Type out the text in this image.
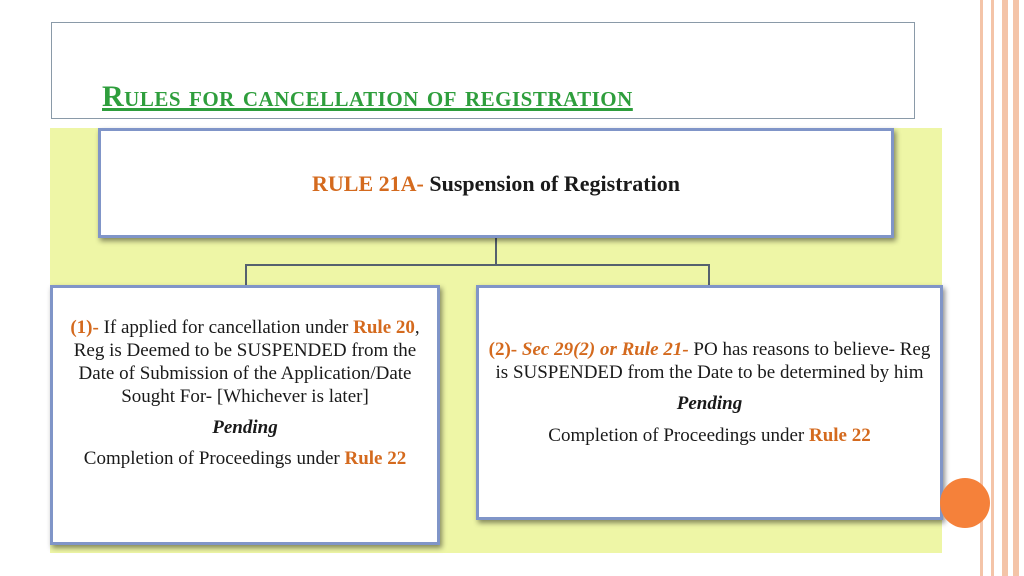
Rules for cancellation of registration
RULE 21A- Suspension of Registration

(1)- If applied for cancellation under Rule 20, Reg is Deemed to be SUSPENDED from the Date of Submission of the Application/Date Sought For- [Whichever is later]

Pending

Completion of Proceedings under Rule 22

(2)- Sec 29(2) or Rule 21- PO has reasons to believe- Reg is SUSPENDED from the Date to be determined by him

Pending

Completion of Proceedings under Rule 22
